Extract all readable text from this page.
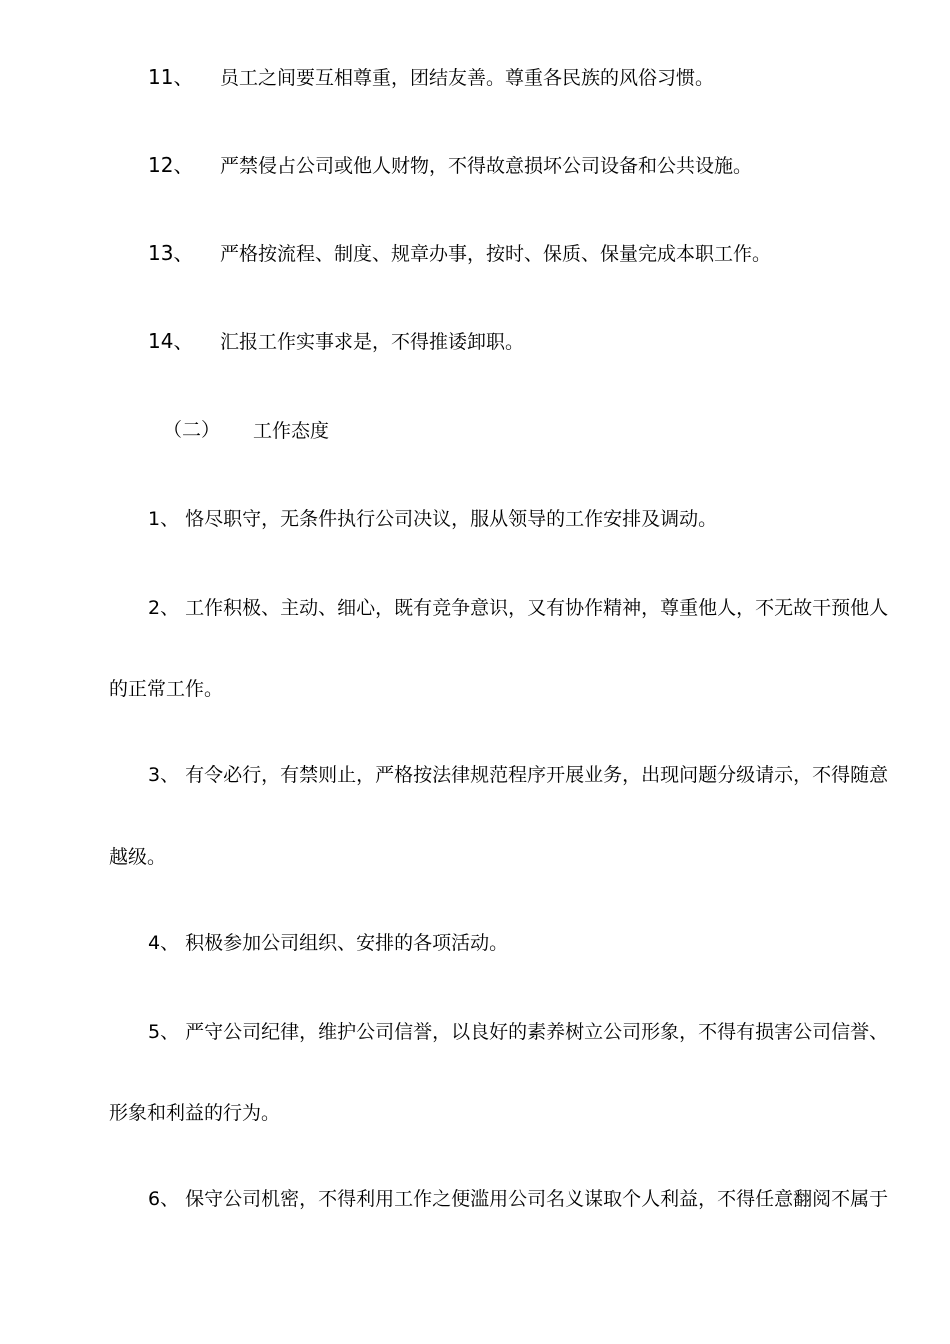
11、 员工之间要互相尊重，团结友善。尊重各民族的风俗习惯。
12、 严禁侵占公司或他人财物，不得故意损坏公司设备和公共设施。
13、 严格按流程、制度、规章办事，按时、保质、保量完成本职工作。
14、 汇报工作实事求是，不得推诿卸职。
（二） 工作态度
1、 恪尽职守，无条件执行公司决议，服从领导的工作安排及调动。
2、 工作积极、主动、细心，既有竞争意识，又有协作精神，尊重他人，不无故干预他人
的正常工作。
3、 有令必行，有禁则止，严格按法律规范程序开展业务，出现问题分级请示，不得随意
越级。
4、 积极参加公司组织、安排的各项活动。
5、 严守公司纪律，维护公司信誉，以良好的素养树立公司形象，不得有损害公司信誉、
形象和利益的行为。
6、 保守公司机密，不得利用工作之便滥用公司名义谋取个人利益，不得任意翻阅不属于
